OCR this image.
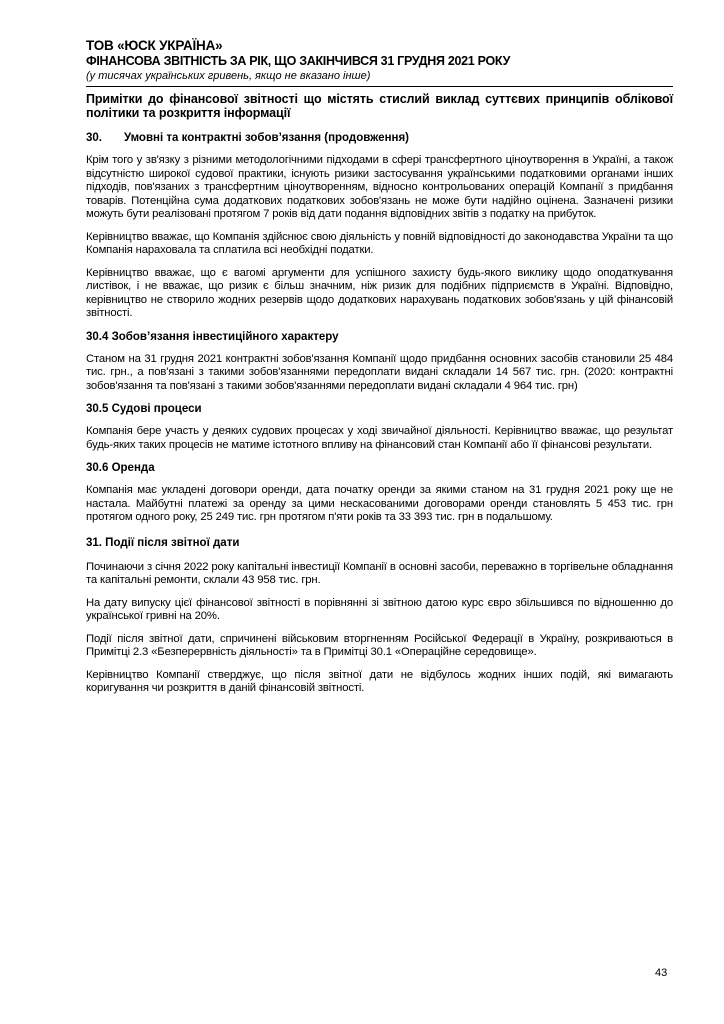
ТОВ «ЮСК УКРАЇНА»
ФІНАНСОВА ЗВІТНІСТЬ ЗА РІК, ЩО ЗАКІНЧИВСЯ 31 ГРУДНЯ 2021 РОКУ
(у тисячах українських гривень, якщо не вказано інше)
Примітки до фінансової звітності що містять стислий виклад суттєвих принципів облікової політики та розкриття інформації
30. Умовні та контрактні зобов’язання (продовження)
Крім того у зв'язку з різними методологічними підходами в сфері трансфертного ціноутворення в Україні, а також відсутністю широкої судової практики, існують ризики застосування українськими податковими органами інших підходів, пов'язаних з трансфертним ціноутворенням, відносно контрольованих операцій Компанії з придбання товарів. Потенційна сума додаткових податкових зобов'язань не може бути надійно оцінена. Зазначені ризики можуть бути реалізовані протягом 7 років від дати подання відповідних звітів з податку на прибуток.
Керівництво вважає, що Компанія здійснює свою діяльність у повній відповідності до законодавства України та що Компанія нараховала та сплатила всі необхідні податки.
Керівництво вважає, що є вагомі аргументи для успішного захисту будь-якого виклику щодо оподаткування листівок, і не вважає, що ризик є більш значним, ніж ризик для подібних підприємств в Україні. Відповідно, керівництво не створило жодних резервів щодо додаткових нарахувань податкових зобов'язань у цій фінансовій звітності.
30.4 Зобов’язання інвестиційного характеру
Станом на 31 грудня 2021 контрактні зобов'язання Компанії щодо придбання основних засобів становили 25 484 тис. грн., а пов'язані з такими зобов'язаннями передоплати видані складали 14 567 тис. грн. (2020: контрактні зобов'язання та пов'язані з такими зобов'язаннями передоплати видані складали 4 964 тис. грн)
30.5 Судові процеси
Компанія бере участь у деяких судових процесах у ході звичайної діяльності. Керівництво вважає, що результат будь-яких таких процесів не матиме істотного впливу на фінансовий стан Компанії або її фінансові результати.
30.6 Оренда
Компанія має укладені договори оренди, дата початку оренди за якими станом на 31 грудня 2021 року ще не настала. Майбутні платежі за оренду за цими нескасованими договорами оренди становлять 5 453 тис. грн протягом одного року, 25 249 тис. грн протягом п'яти років та 33 393 тис. грн в подальшому.
31. Події після звітної дати
Починаючи з січня 2022 року капітальні інвестиції Компанії в основні засоби, переважно в торгівельне обладнання та капітальні ремонти, склали 43 958 тис. грн.
На дату випуску цієї фінансової звітності в порівнянні зі звітною датою курс євро збільшився по відношенню до української гривні на 20%.
Події після звітної дати, спричинені військовим вторгненням Російської Федерації в Україну, розкриваються в Примітці 2.3 «Безперервність діяльності» та в Примітці 30.1 «Операційне середовище».
Керівництво Компанії стверджує, що після звітної дати не відбулось жодних інших подій, які вимагають коригування чи розкриття в даній фінансовій звітності.
43
